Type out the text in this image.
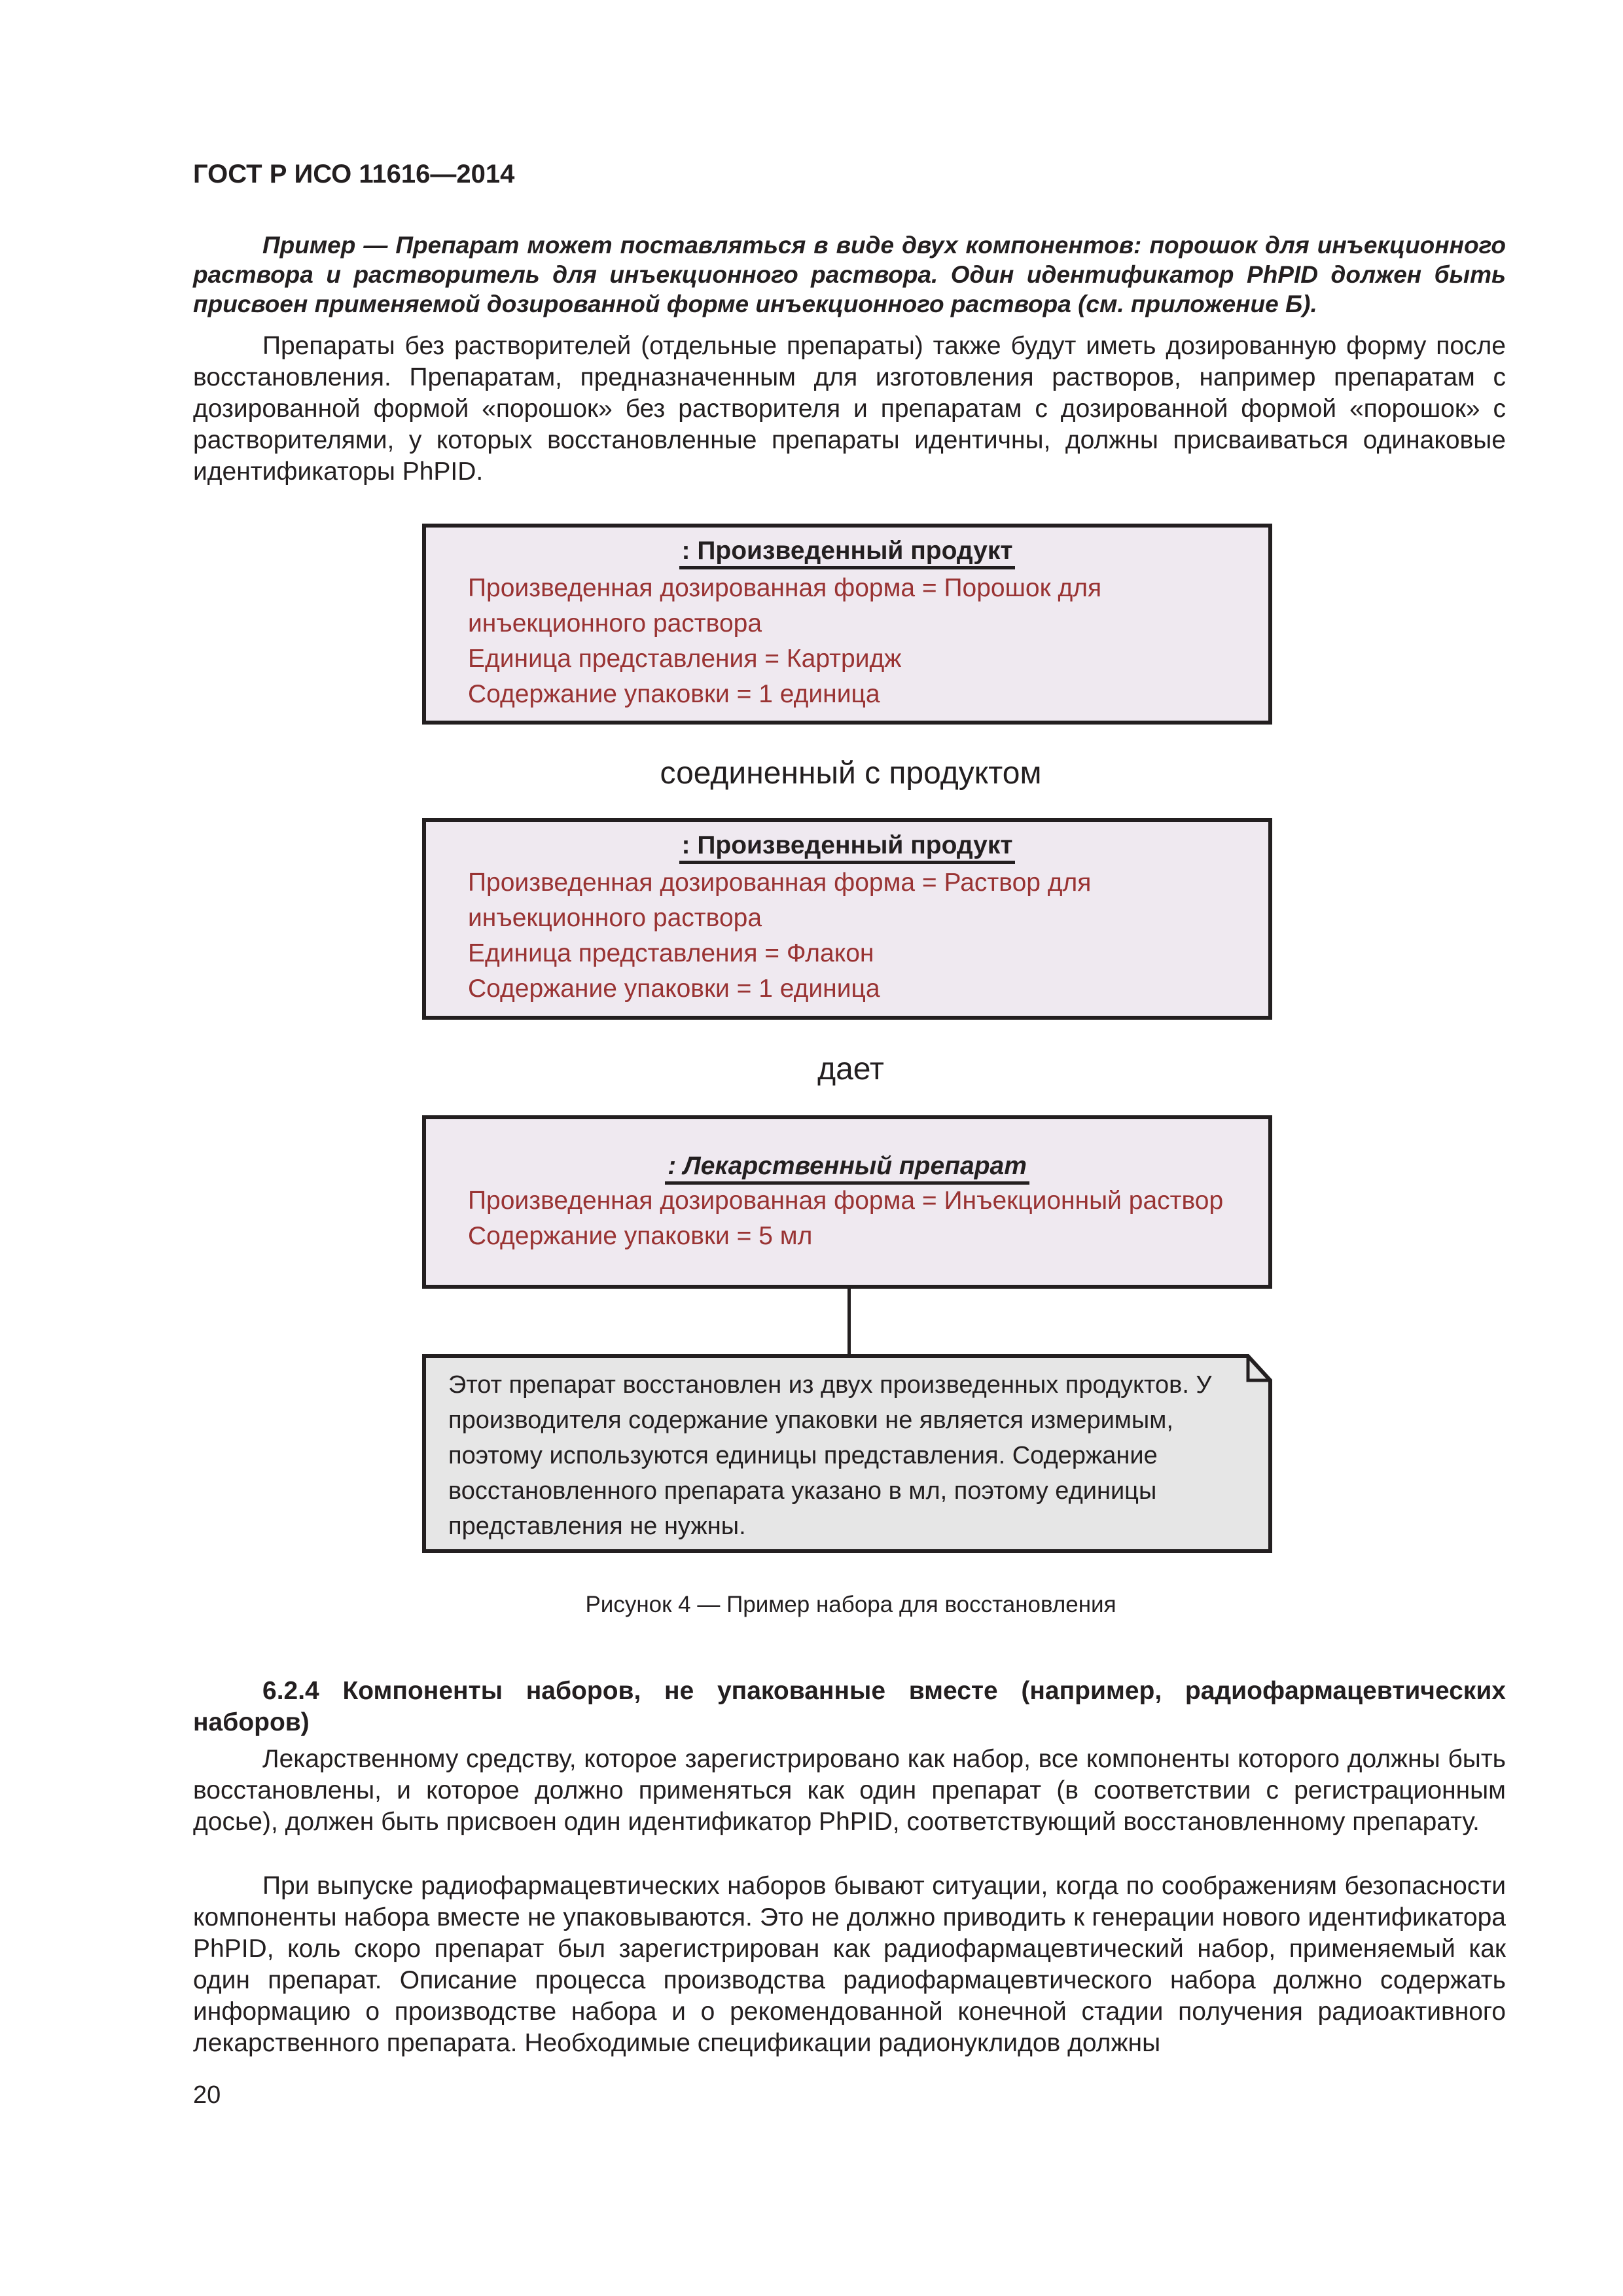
ГОСТ Р ИСО 11616—2014
Пример — Препарат может поставляться в виде двух компонентов: порошок для инъекционного раствора и растворитель для инъекционного раствора. Один идентификатор PhPID должен быть присвоен применяемой дозированной форме инъекционного раствора (см. приложение Б).
Препараты без растворителей (отдельные препараты) также будут иметь дозированную форму после восстановления. Препаратам, предназначенным для изготовления растворов, например препаратам с дозированной формой «порошок» без растворителя и препаратам с дозированной формой «порошок» с растворителями, у которых восстановленные препараты идентичны, должны присваиваться одинаковые идентификаторы PhPID.
: Произведенный продукт
Произведенная дозированная форма = Порошок для
инъекционного раствора
Единица представления = Картридж
Содержание упаковки = 1 единица
соединенный с продуктом
: Произведенный продукт
Произведенная дозированная форма = Раствор для
инъекционного раствора
Единица представления = Флакон
Содержание упаковки = 1 единица
дает
: Лекарственный препарат
Произведенная дозированная форма = Инъекционный раствор
Содержание упаковки = 5 мл
Этот препарат восстановлен из двух произведенных продуктов. У производителя содержание упаковки не является измеримым, поэтому используются единицы представления. Содержание восстановленного препарата указано в мл, поэтому единицы представления не нужны.
Рисунок 4 — Пример набора для восстановления
6.2.4 Компоненты наборов, не упакованные вместе (например, радиофармацевтических наборов)
Лекарственному средству, которое зарегистрировано как набор, все компоненты которого должны быть восстановлены, и которое должно применяться как один препарат (в соответствии с регистрационным досье), должен быть присвоен один идентификатор PhPID, соответствующий восстановленному препарату.
При выпуске радиофармацевтических наборов бывают ситуации, когда по соображениям безопасности компоненты набора вместе не упаковываются. Это не должно приводить к генерации нового идентификатора PhPID, коль скоро препарат был зарегистрирован как радиофармацевтический набор, применяемый как один препарат. Описание процесса производства радиофармацевтического набора должно содержать информацию о производстве набора и о рекомендованной конечной стадии получения радиоактивного лекарственного препарата. Необходимые спецификации радионуклидов должны
20
